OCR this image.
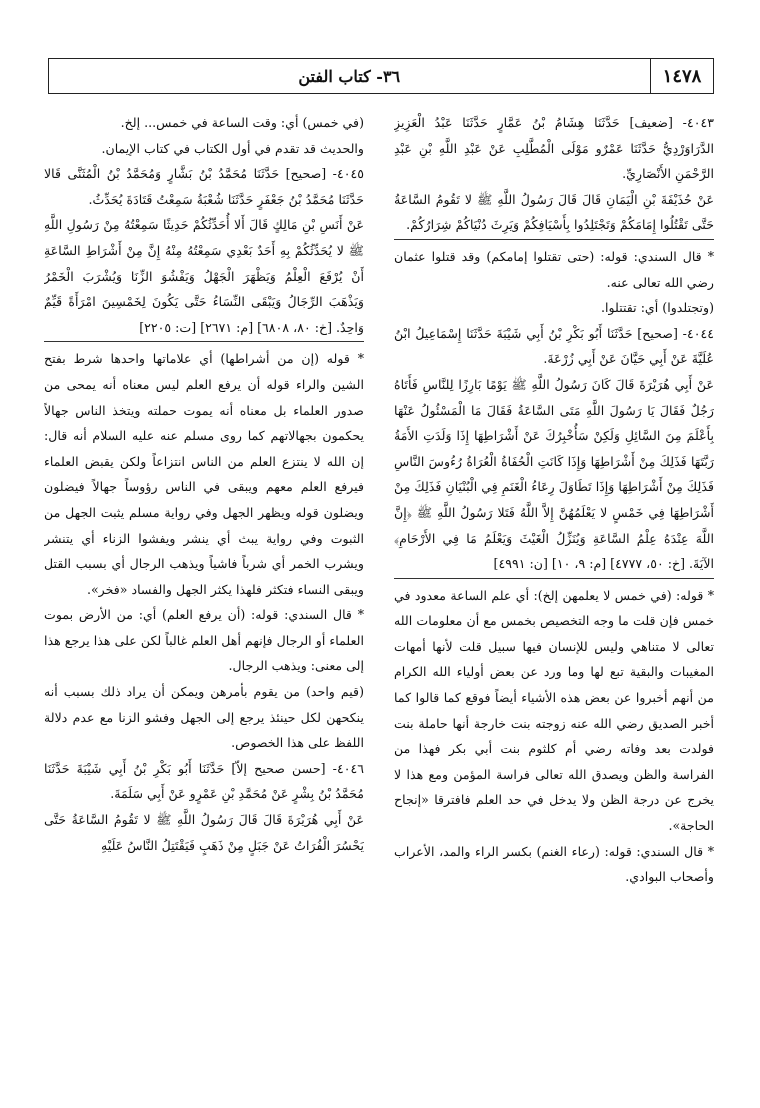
٣٦- كتاب الفتن	١٤٧٨

٤٠٤٣- [ضعيف] حَدَّثَنَا هِشَامُ بْنُ عَمَّارٍ حَدَّثَنَا عَبْدُ الْعَزِيزِ الدَّرَاوَرْدِيُّ حَدَّثَنَا عَمْرٌو مَوْلَى الْمُطَّلِبِ عَنْ عَبْدِ اللَّهِ بْنِ عَبْدِ الرَّحْمَنِ الأَنْصَارِيِّ.

عَنْ حُذَيْفَةَ بْنِ الْيَمَانِ قَالَ قَالَ رَسُولُ اللَّهِ ﷺ لا تَقُومُ السَّاعَةُ حَتَّى تَقْتُلُوا إِمَامَكُمْ وَتَجْتَلِدُوا بِأَسْيَافِكُمْ وَيَرِثَ دُنْيَاكُمْ شِرَارُكُمْ.

* قال السندي: قوله: (حتى تقتلوا إمامكم) وقد قتلوا عثمان رضي الله تعالى عنه.

(وتجتلدوا) أي: تقتتلوا.

٤٠٤٤- [صحيح] حَدَّثَنَا أَبُو بَكْرِ بْنُ أَبِي شَيْبَةَ حَدَّثَنَا إِسْمَاعِيلُ ابْنُ عُلَيَّةَ عَنْ أَبِي حَيَّانَ عَنْ أَبِي زُرْعَةَ.

عَنْ أَبِي هُرَيْرَةَ قَالَ كَانَ رَسُولُ اللَّهِ ﷺ يَوْمًا بَارِزًا لِلنَّاسِ فَأَتَاهُ رَجُلٌ فَقَالَ يَا رَسُولَ اللَّهِ مَتَى السَّاعَةُ فَقَالَ مَا الْمَسْئُولُ عَنْهَا بِأَعْلَمَ مِنَ السَّائِلِ وَلَكِنْ سَأُخْبِرُكَ عَنْ أَشْرَاطِهَا إِذَا وَلَدَتِ الأَمَةُ رَبَّتَهَا فَذَلِكَ مِنْ أَشْرَاطِهَا وَإِذَا كَانَتِ الْحُفَاةُ الْعُرَاةُ رُءُوسَ النَّاسِ فَذَلِكَ مِنْ أَشْرَاطِهَا وَإِذَا تَطَاوَلَ رِعَاءُ الْغَنَمِ فِي الْبُنْيَانِ فَذَلِكَ مِنْ أَشْرَاطِهَا فِي خَمْسٍ لا يَعْلَمُهُنَّ إِلاَّ اللَّهُ فَتَلا رَسُولُ اللَّهِ ﷺ ﴿إِنَّ اللَّهَ عِنْدَهُ عِلْمُ السَّاعَةِ وَيُنَزِّلُ الْغَيْثَ وَيَعْلَمُ مَا فِي الأَرْحَامِ﴾ الآيَةَ. [خ: ٥٠، ٤٧٧٧] [م: ٩، ١٠] [ن: ٤٩٩١]

* قوله: (في خمس لا يعلمهن إلخ): أي علم الساعة معدود في خمس فإن قلت ما وجه التخصيص بخمس مع أن معلومات الله تعالى لا متناهي وليس للإنسان فيها سبيل قلت لأنها أمهات المغيبات والبقية تبع لها وما ورد عن بعض أولياء الله الكرام من أنهم أخبروا عن بعض هذه الأشياء أيضاً فوقع كما قالوا كما أخبر الصديق رضي الله عنه زوجته بنت خارجة أنها حاملة بنت فولدت بعد وفاته رضي أم كلثوم بنت أبي بكر فهذا من الفراسة والظن ويصدق الله تعالى فراسة المؤمن ومع هذا لا يخرج عن درجة الظن ولا يدخل في حد العلم فافترقا «إنجاح الحاجة».

* قال السندي: قوله: (رعاء الغنم) بكسر الراء والمد، الأعراب وأصحاب البوادي.

(في خمس) أي: وقت الساعة في خمس... إلخ.

والحديث قد تقدم في أول الكتاب في كتاب الإيمان.

٤٠٤٥- [صحيح] حَدَّثَنَا مُحَمَّدُ بْنُ بَشَّارٍ وَمُحَمَّدُ بْنُ الْمُثَنَّى قَالا حَدَّثَنَا مُحَمَّدُ بْنُ جَعْفَرٍ حَدَّثَنَا شُعْبَةُ سَمِعْتُ قَتَادَةَ يُحَدِّثُ.

عَنْ أَنَسِ بْنِ مَالِكٍ قَالَ أَلا أُحَدِّثُكُمْ حَدِيثًا سَمِعْتُهُ مِنْ رَسُولِ اللَّهِ ﷺ لا يُحَدِّثُكُمْ بِهِ أَحَدٌ بَعْدِي سَمِعْتُهُ مِنْهُ إِنَّ مِنْ أَشْرَاطِ السَّاعَةِ أَنْ يُرْفَعَ الْعِلْمُ وَيَظْهَرَ الْجَهْلُ وَيَفْشُوَ الزِّنَا وَيُشْرَبَ الْخَمْرُ وَيَذْهَبَ الرِّجَالُ وَيَبْقَى النِّسَاءُ حَتَّى يَكُونَ لِخَمْسِينَ امْرَأَةً قَيِّمٌ وَاحِدٌ. [خ: ٨٠، ٦٨٠٨] [م: ٢٦٧١] [ت: ٢٢٠٥]

* قوله (إن من أشراطها) أي علاماتها واحدها شرط بفتح الشين والراء قوله أن يرفع العلم ليس معناه أنه يمحى من صدور العلماء بل معناه أنه يموت حملته ويتخذ الناس جهالاً يحكمون بجهالاتهم كما روى مسلم عنه عليه السلام أنه قال: إن الله لا ينتزع العلم من الناس انتزاعاً ولكن يقبض العلماء فيرفع العلم معهم ويبقى في الناس رؤوساً جهالاً فيضلون ويضلون قوله ويظهر الجهل وفي رواية مسلم يثبت الجهل من الثبوت وفي رواية يبث أي ينشر ويفشوا الزناء أي يتنشر ويشرب الخمر أي شرباً فاشياً ويذهب الرجال أي بسبب القتل ويبقى النساء فتكثر فلهذا يكثر الجهل والفساد «فخر».

* قال السندي: قوله: (أن يرفع العلم) أي: من الأرض بموت العلماء أو الرجال فإنهم أهل العلم غالباً لكن على هذا يرجع هذا إلى معنى: ويذهب الرجال.

(قيم واحد) من يقوم بأمرهن ويمكن أن يراد ذلك بسبب أنه ينكحهن لكل حينئذ يرجع إلى الجهل وفشو الزنا مع عدم دلالة اللفظ على هذا الخصوص.

٤٠٤٦- [حسن صحيح إلاّ] حَدَّثَنَا أَبُو بَكْرِ بْنُ أَبِي شَيْبَةَ حَدَّثَنَا مُحَمَّدُ بْنُ بِشْرٍ عَنْ مُحَمَّدِ بْنِ عَمْرٍو عَنْ أَبِي سَلَمَةَ.

عَنْ أَبِي هُرَيْرَةَ قَالَ قَالَ رَسُولُ اللَّهِ ﷺ لا تَقُومُ السَّاعَةُ حَتَّى يَحْسُرَ الْفُرَاتُ عَنْ جَبَلٍ مِنْ ذَهَبٍ فَيَقْتَتِلُ النَّاسُ عَلَيْهِ
